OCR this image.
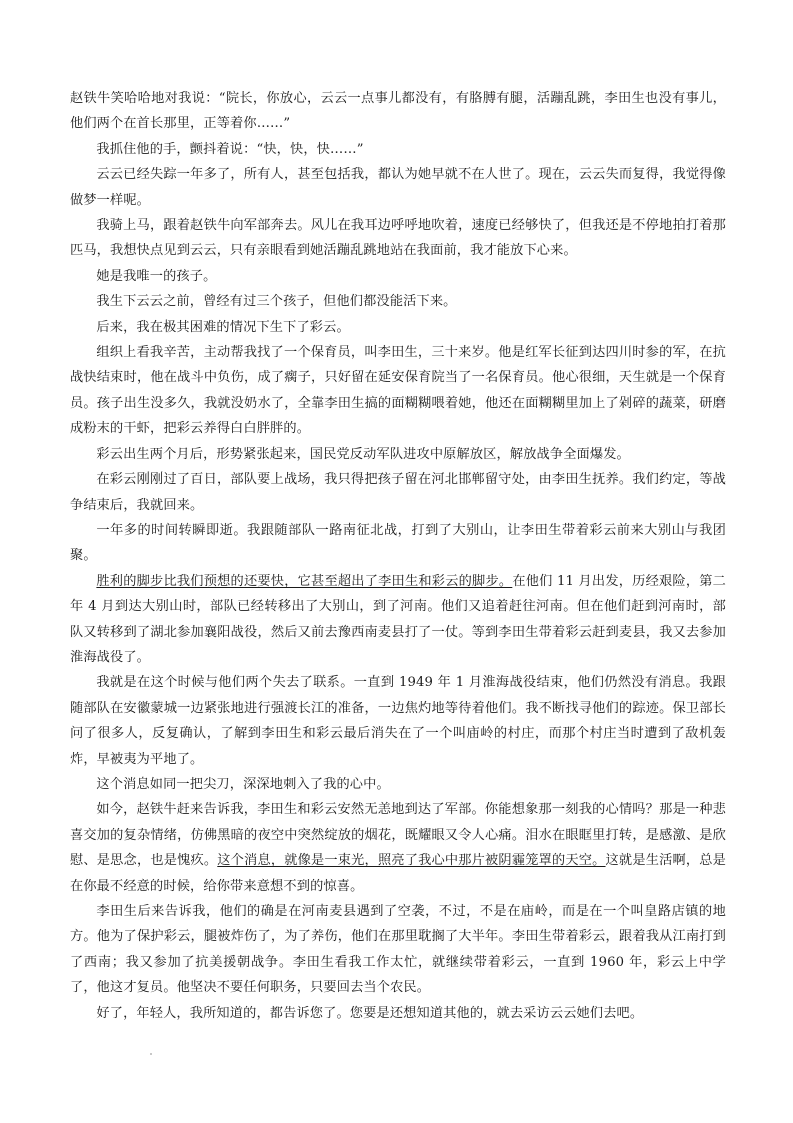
赵铁牛笑哈哈地对我说：“院长，你放心，云云一点事儿都没有，有胳膊有腿，活蹦乱跳，李田生也没有事儿，他们两个在首长那里，正等着你……”

我抓住他的手，颤抖着说：“快，快，快……”

云云已经失踪一年多了，所有人，甚至包括我，都认为她早就不在人世了。现在，云云失而复得，我觉得像做梦一样呢。

我骑上马，跟着赵铁牛向军部奔去。风儿在我耳边呼呼地吹着，速度已经够快了，但我还是不停地拍打着那匹马，我想快点见到云云，只有亲眼看到她活蹦乱跳地站在我面前，我才能放下心来。

她是我唯一的孩子。

我生下云云之前，曾经有过三个孩子，但他们都没能活下来。

后来，我在极其困难的情况下生下了彩云。

组织上看我辛苦，主动帮我找了一个保育员，叫李田生，三十来岁。他是红军长征到达四川时参的军，在抗战快结束时，他在战斗中负伤，成了瘸子，只好留在延安保育院当了一名保育员。他心很细，天生就是一个保育员。孩子出生没多久，我就没奶水了，全靠李田生搞的面糊糊喂着她，他还在面糊糊里加上了剁碎的蔬菜，研磨成粉末的干虾，把彩云养得白白胖胖的。

彩云出生两个月后，形势紧张起来，国民党反动军队进攻中原解放区，解放战争全面爆发。

在彩云刚刚过了百日，部队要上战场，我只得把孩子留在河北邯郸留守处，由李田生抚养。我们约定，等战争结束后，我就回来。

一年多的时间转瞬即逝。我跟随部队一路南征北战，打到了大别山，让李田生带着彩云前来大别山与我团聚。

胜利的脚步比我们预想的还要快，它甚至超出了李田生和彩云的脚步。在他们 11 月出发，历经艰险，第二年 4 月到达大别山时，部队已经转移出了大别山，到了河南。他们又追着赶往河南。但在他们赶到河南时，部队又转移到了湖北参加襄阳战役，然后又前去豫西南麦县打了一仗。等到李田生带着彩云赶到麦县，我又去参加淮海战役了。

我就是在这个时候与他们两个失去了联系。一直到 1949 年 1 月淮海战役结束，他们仍然没有消息。我跟随部队在安徽蒙城一边紧张地进行强渡长江的准备，一边焦灼地等待着他们。我不断找寻他们的踪迹。保卫部长问了很多人，反复确认，了解到李田生和彩云最后消失在了一个叫庙岭的村庄，而那个村庄当时遭到了敌机轰炸，早被夷为平地了。

这个消息如同一把尖刀，深深地刺入了我的心中。

如今，赵铁牛赶来告诉我，李田生和彩云安然无恙地到达了军部。你能想象那一刻我的心情吗？那是一种悲喜交加的复杂情绪，仿佛黑暗的夜空中突然绽放的烟花，既耀眼又令人心痛。泪水在眼眶里打转，是感激、是欣慰、是思念，也是愧疚。这个消息，就像是一束光，照亮了我心中那片被阴霾笼罩的天空。这就是生活啊，总是在你最不经意的时候，给你带来意想不到的惊喜。

李田生后来告诉我，他们的确是在河南麦县遇到了空袭，不过，不是在庙岭，而是在一个叫皇路店镇的地方。他为了保护彩云，腿被炸伤了，为了养伤，他们在那里耽搁了大半年。李田生带着彩云，跟着我从江南打到了西南；我又参加了抗美援朝战争。李田生看我工作太忙，就继续带着彩云，一直到 1960 年，彩云上中学了，他这才复员。他坚决不要任何职务，只要回去当个农民。

好了，年轻人，我所知道的，都告诉您了。您要是还想知道其他的，就去采访云云她们去吧。
